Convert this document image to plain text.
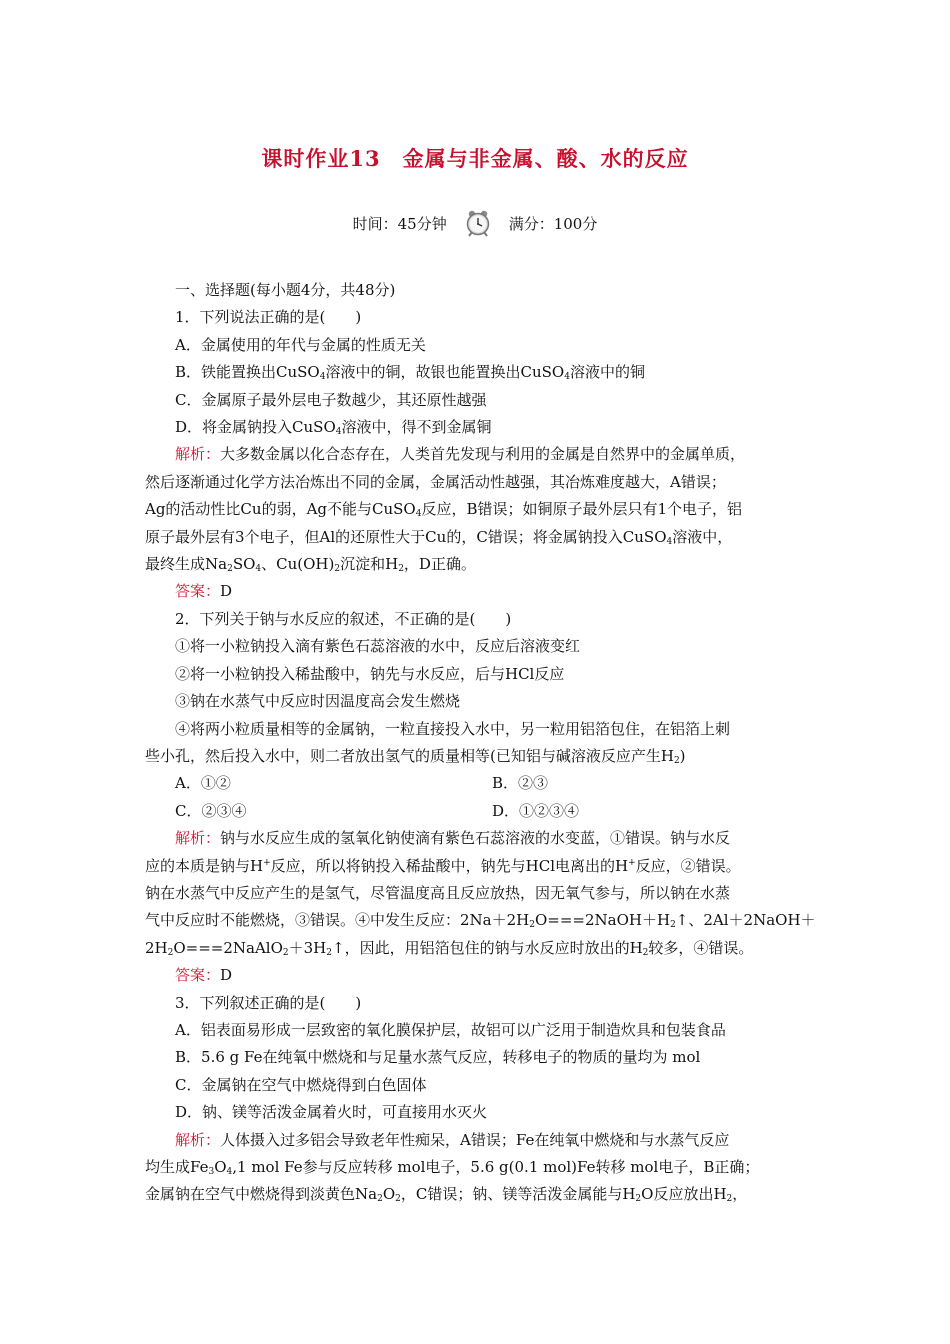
课时作业13　金属与非金属、酸、水的反应
时间：45分钟	满分：100分
一、选择题(每小题4分，共48分)
1．下列说法正确的是(　　)
A．金属使用的年代与金属的性质无关
B．铁能置换出CuSO$_4$溶液中的铜，故银也能置换出CuSO$_4$溶液中的铜
C．金属原子最外层电子数越少，其还原性越强
D．将金属钠投入CuSO$_4$溶液中，得不到金属铜
解析：大多数金属以化合态存在，人类首先发现与利用的金属是自然界中的金属单质，
然后逐渐通过化学方法冶炼出不同的金属，金属活动性越强，其冶炼难度越大，A错误；
Ag的活动性比Cu的弱，Ag不能与CuSO$_4$反应，B错误；如铜原子最外层只有1个电子，铝
原子最外层有3个电子，但Al的还原性大于Cu的，C错误；将金属钠投入CuSO$_4$溶液中，
最终生成$Na_2SO_4$、$Cu(OH)_2$沉淀和$H_2$，D正确。
答案：D
2．下列关于钠与水反应的叙述，不正确的是(　　)
①将一小粒钠投入滴有紫色石蕊溶液的水中，反应后溶液变红
②将一小粒钠投入稀盐酸中，钠先与水反应，后与HCl反应
③钠在水蒸气中反应时因温度高会发生燃烧
④将两小粒质量相等的金属钠，一粒直接投入水中，另一粒用铝箔包住，在铝箔上刺
些小孔，然后投入水中，则二者放出氢气的质量相等(已知铝与碱溶液反应产生$H_2$)
A．①②	B．②③
C．②③④	D．①②③④
解析：钠与水反应生成的氢氧化钠使滴有紫色石蕊溶液的水变蓝，①错误。钠与水反
应的本质是钠与H+反应，所以将钠投入稀盐酸中，钠先与HCl电离出的H+反应，②错误。
钠在水蒸气中反应产生的是氢气，尽管温度高且反应放热，因无氧气参与，所以钠在水蒸
气中反应时不能燃烧，③错误。④中发生反应：$2Na+2H_2O===2NaOH+H_2↑$、2Al＋2NaOH＋
$2H_2O===2NaAlO_2+3H_2↑$，因此，用铝箔包住的钠与水反应时放出的$H_2$较多，④错误。
答案：D
3．下列叙述正确的是(　　)
A．铝表面易形成一层致密的氧化膜保护层，故铝可以广泛用于制造炊具和包装食品
B．5.6 g Fe在纯氧中燃烧和与足量水蒸气反应，转移电子的物质的量均为 mol
C．金属钠在空气中燃烧得到白色固体
D．钠、镁等活泼金属着火时，可直接用水灭火
解析：人体摄入过多铝会导致老年性痴呆，A错误；Fe在纯氧中燃烧和与水蒸气反应
均生成$Fe_3O_4,1$ mol Fe参与反应转移 mol电子，5.6 g(0.1 mol)Fe转移 mol电子，B正确；
金属钠在空气中燃烧得到淡黄色$Na_2O_2$，C错误；钠、镁等活泼金属能与$H_2O$反应放出$H_2$，
